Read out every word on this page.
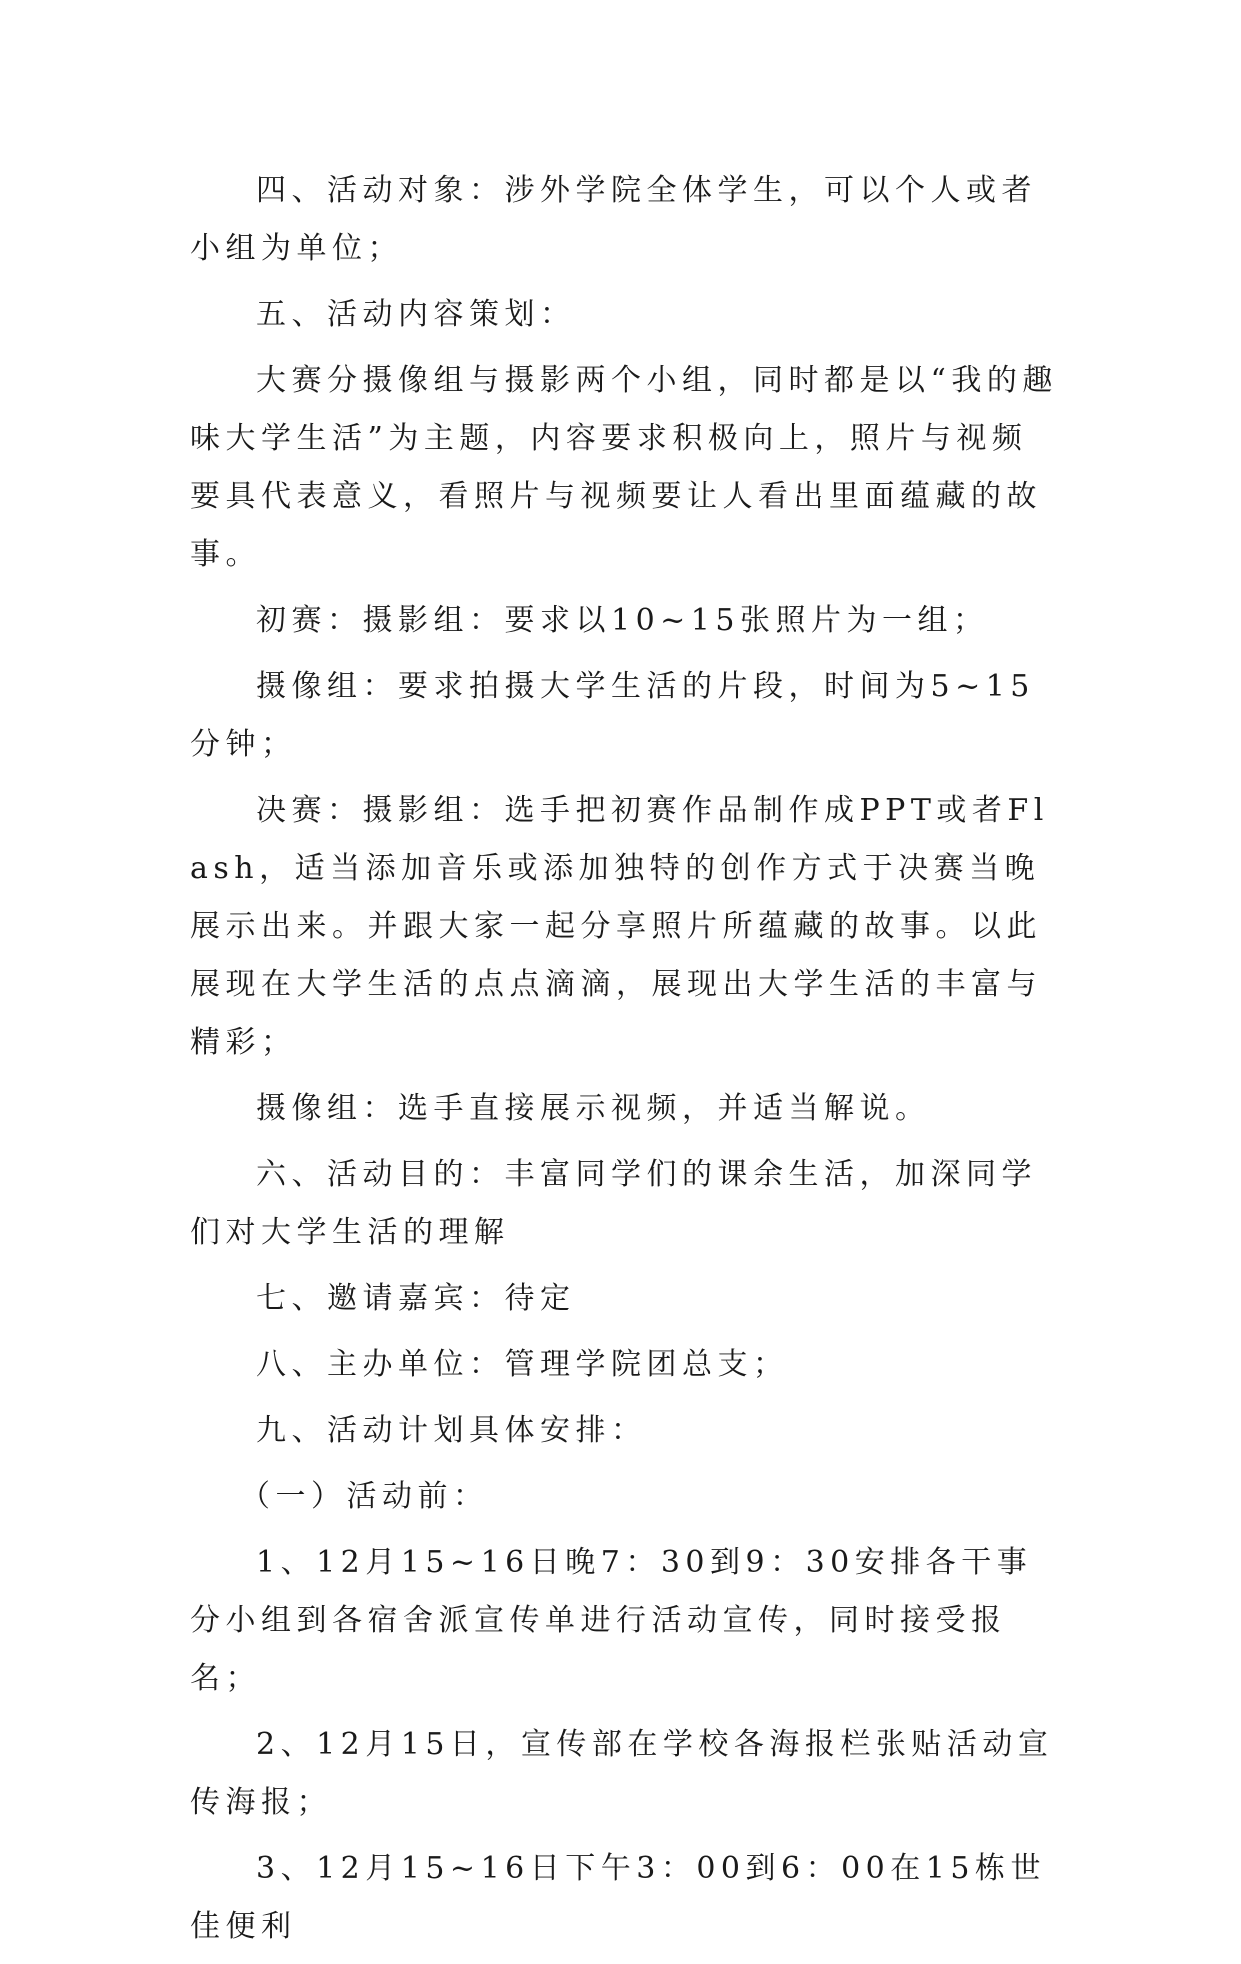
四、活动对象：涉外学院全体学生，可以个人或者小组为单位；

五、活动内容策划：

大赛分摄像组与摄影两个小组，同时都是以“我的趣味大学生活”为主题，内容要求积极向上，照片与视频要具代表意义，看照片与视频要让人看出里面蕴藏的故事。

初赛：摄影组：要求以10~15张照片为一组；

摄像组：要求拍摄大学生活的片段，时间为5~15分钟；

决赛：摄影组：选手把初赛作品制作成PPT或者Flash，适当添加音乐或添加独特的创作方式于决赛当晚展示出来。并跟大家一起分享照片所蕴藏的故事。以此展现在大学生活的点点滴滴，展现出大学生活的丰富与精彩；

摄像组：选手直接展示视频，并适当解说。

六、活动目的：丰富同学们的课余生活，加深同学们对大学生活的理解

七、邀请嘉宾：待定

八、主办单位：管理学院团总支；

九、活动计划具体安排：

（一）活动前：

1、12月15~16日晚7：30到9：30安排各干事分小组到各宿舍派宣传单进行活动宣传，同时接受报名；

2、12月15日，宣传部在学校各海报栏张贴活动宣传海报；

3、12月15~16日下午3：00到6：00在15栋世佳便利
